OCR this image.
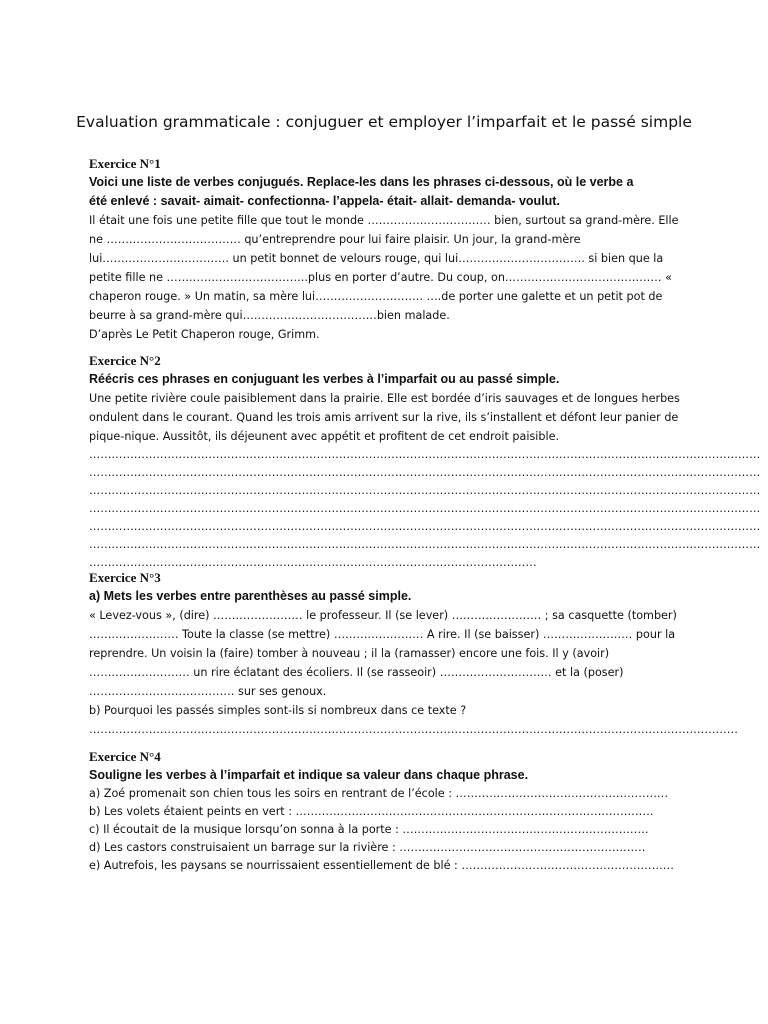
Evaluation grammaticale : conjuguer et employer l’imparfait et le passé simple
Exercice N°1
Voici une liste de verbes conjugués. Replace-les dans les phrases ci-dessous, où le verbe a
été enlevé : savait- aimait- confectionna- l’appela- était- allait- demanda- voulut.
Il était une fois une petite fille que tout le monde …………………………… bien, surtout sa grand-mère. Elle
ne ……………………………… qu’entreprendre pour lui faire plaisir. Un jour, la grand-mère
lui……………………………. un petit bonnet de velours rouge, qui lui……………………………. si bien que la
petite fille ne ………………………………..plus en porter d’autre. Du coup, on…………………………………… «
chaperon rouge. » Un matin, sa mère lui……………………….. ….de porter une galette et un petit pot de
beurre à sa grand-mère qui………………………………bien malade.
D’après Le Petit Chaperon rouge, Grimm.
Exercice N°2
Réécris ces phrases en conjuguant les verbes à l’imparfait ou au passé simple.
Une petite rivière coule paisiblement dans la prairie. Elle est bordée d’iris sauvages et de longues herbes
ondulent dans le courant. Quand les trois amis arrivent sur la rive, ils s’installent et défont leur panier de
pique-nique. Aussitôt, ils déjeunent avec appétit et profitent de cet endroit paisible.
………………………………………………………………………………………………………………………………………………………………
………………………………………………………………………………………………………………………………………………………………
………………………………………………………………………………………………………………………………………………………………
………………………………………………………………………………………………………………………………………………………………
………………………………………………………………………………………………………………………………………………………………
………………………………………………………………………………………………………………………………………………………………
…………………………………………………………………………………………………………
Exercice N°3
a) Mets les verbes entre parenthèses au passé simple.
« Levez-vous », (dire) …………………… le professeur. Il (se lever) …………………… ; sa casquette (tomber)
…………………… Toute la classe (se mettre) …………………… A rire. Il (se baisser) …………………… pour la
reprendre. Un voisin la (faire) tomber à nouveau ; il la (ramasser) encore une fois. Il y (avoir)
……………………… un rire éclatant des écoliers. Il (se rasseoir) ………………………… et la (poser)
………………………………… sur ses genoux.
b) Pourquoi les passés simples sont-ils si nombreux dans ce texte ?
…………………………………………………………………………………………………………………………………………………………
Exercice N°4
Souligne les verbes à l’imparfait et indique sa valeur dans chaque phrase.
a) Zoé promenait son chien tous les soirs en rentrant de l’école : …………………………………………………
b) Les volets étaient peints en vert : ……………………………………………………………………………………
c) Il écoutait de la musique lorsqu’on sonna à la porte : …………………………………………………………
d) Les castors construisaient un barrage sur la rivière : …………………………………………………………
e) Autrefois, les paysans se nourrissaient essentiellement de blé : …………………………………………………
